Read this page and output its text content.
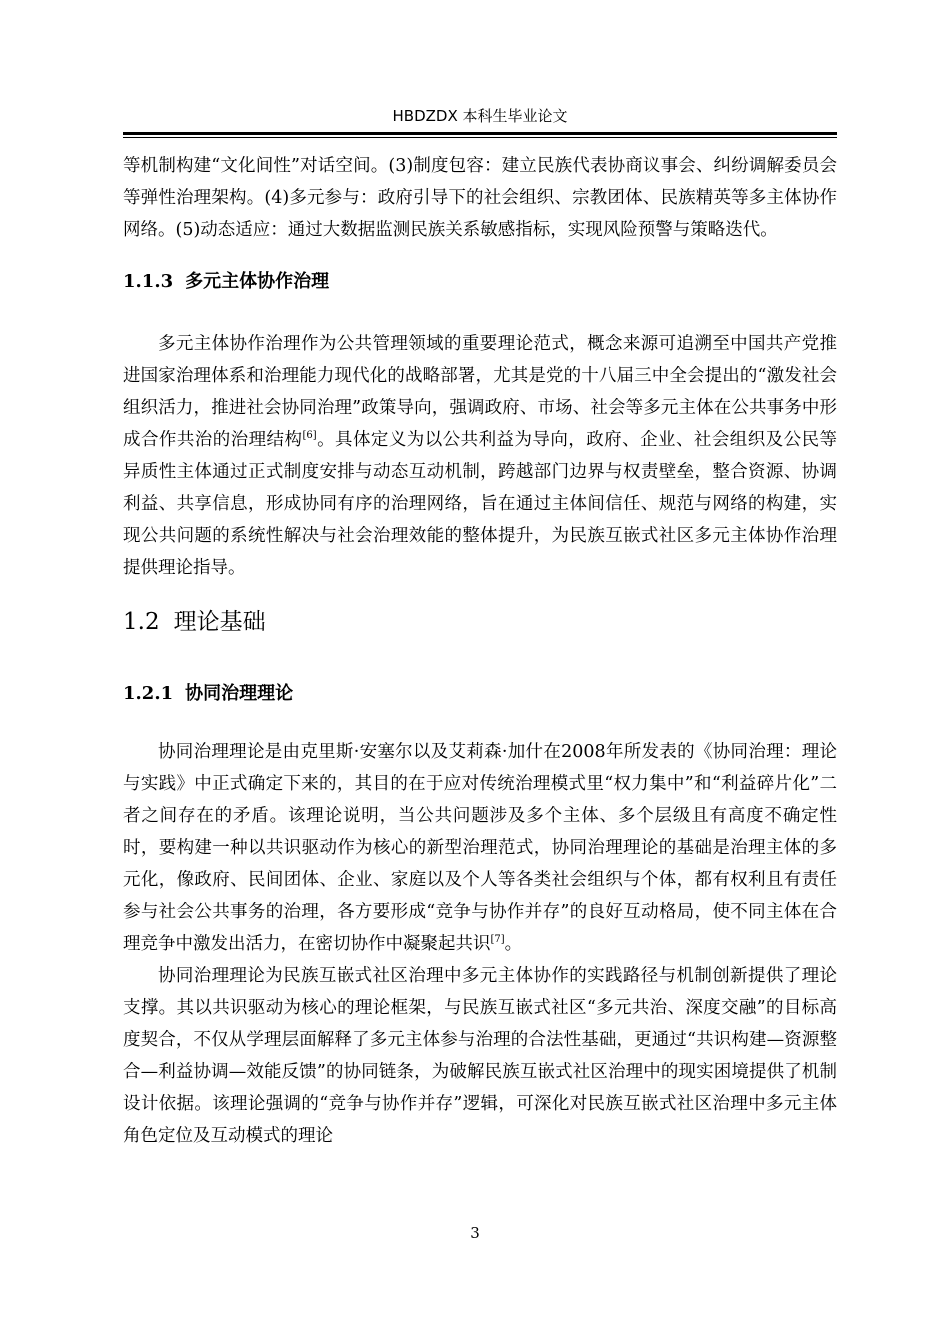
HBDZDX 本科生毕业论文

等机制构建“文化间性”对话空间。(3)制度包容：建立民族代表协商议事会、纠纷调解委员会等弹性治理架构。(4)多元参与：政府引导下的社会组织、宗教团体、民族精英等多主体协作网络。(5)动态适应：通过大数据监测民族关系敏感指标，实现风险预警与策略迭代。

1.1.3 多元主体协作治理

多元主体协作治理作为公共管理领域的重要理论范式，概念来源可追溯至中国共产党推进国家治理体系和治理能力现代化的战略部署，尤其是党的十八届三中全会提出的“激发社会组织活力，推进社会协同治理”政策导向，强调政府、市场、社会等多元主体在公共事务中形成合作共治的治理结构[6]。具体定义为以公共利益为导向，政府、企业、社会组织及公民等异质性主体通过正式制度安排与动态互动机制，跨越部门边界与权责壁垒，整合资源、协调利益、共享信息，形成协同有序的治理网络，旨在通过主体间信任、规范与网络的构建，实现公共问题的系统性解决与社会治理效能的整体提升，为民族互嵌式社区多元主体协作治理提供理论指导。

1.2 理论基础
1.2.1 协同治理理论

协同治理理论是由克里斯·安塞尔以及艾莉森·加什在2008年所发表的《协同治理：理论与实践》中正式确定下来的，其目的在于应对传统治理模式里“权力集中”和“利益碎片化”二者之间存在的矛盾。该理论说明，当公共问题涉及多个主体、多个层级且有高度不确定性时，要构建一种以共识驱动作为核心的新型治理范式，协同治理理论的基础是治理主体的多元化，像政府、民间团体、企业、家庭以及个人等各类社会组织与个体，都有权利且有责任参与社会公共事务的治理，各方要形成“竞争与协作并存”的良好互动格局，使不同主体在合理竞争中激发出活力，在密切协作中凝聚起共识[7]。

协同治理理论为民族互嵌式社区治理中多元主体协作的实践路径与机制创新提供了理论支撑。其以共识驱动为核心的理论框架，与民族互嵌式社区“多元共治、深度交融”的目标高度契合，不仅从学理层面解释了多元主体参与治理的合法性基础，更通过“共识构建—资源整合—利益协调—效能反馈”的协同链条，为破解民族互嵌式社区治理中的现实困境提供了机制设计依据。该理论强调的“竞争与协作并存”逻辑，可深化对民族互嵌式社区治理中多元主体角色定位及互动模式的理论

3
